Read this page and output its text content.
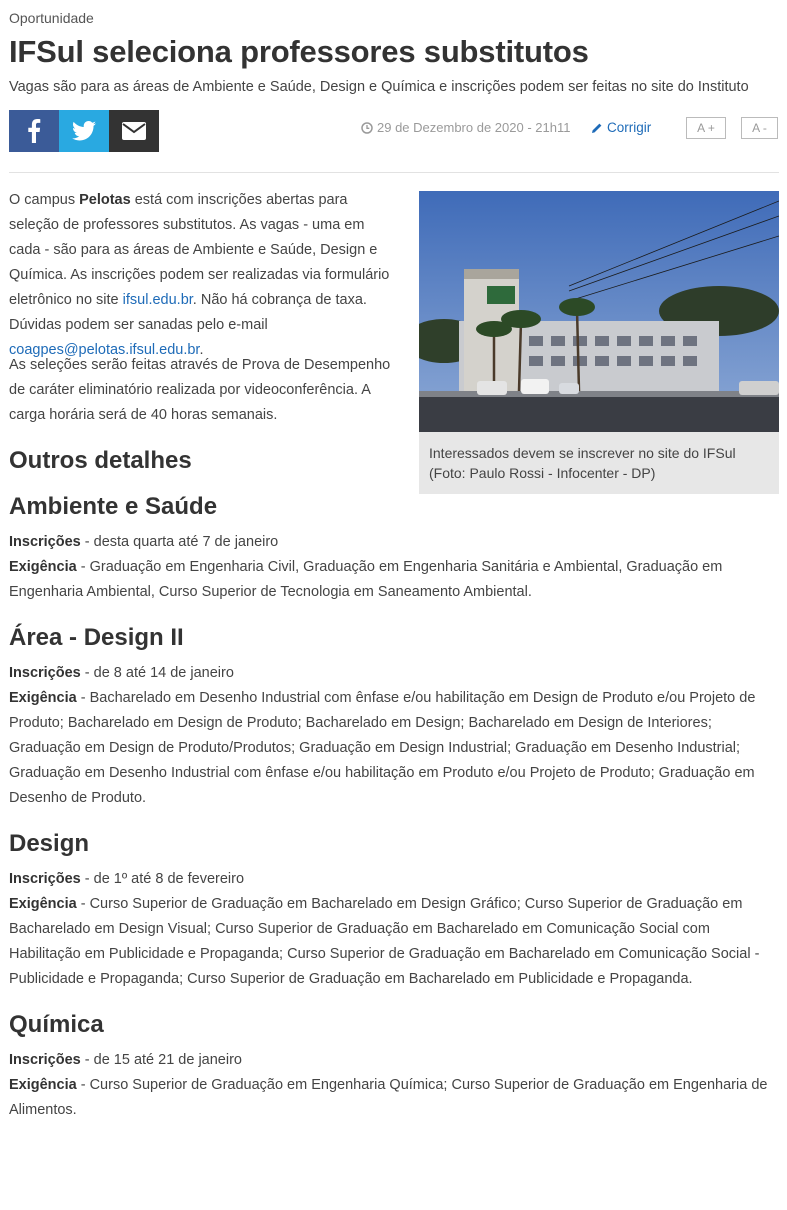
Oportunidade
IFSul seleciona professores substitutos
Vagas são para as áreas de Ambiente e Saúde, Design e Química e inscrições podem ser feitas no site do Instituto
29 de Dezembro de 2020 - 21h11	Corrigir	A +	A -

O campus Pelotas está com inscrições abertas para seleção de professores substitutos. As vagas - uma em cada - são para as áreas de Ambiente e Saúde, Design e Química. As inscrições podem ser realizadas via formulário eletrônico no site ifsul.edu.br. Não há cobrança de taxa. Dúvidas podem ser sanadas pelo e-mail coagpes@pelotas.ifsul.edu.br.

As seleções serão feitas através de Prova de Desempenho de caráter eliminatório realizada por videoconferência. A carga horária será de 40 horas semanais.

Interessados devem se inscrever no site do IFSul (Foto: Paulo Rossi - Infocenter - DP)
Outros detalhes
Ambiente e Saúde

Inscrições - desta quarta até 7 de janeiro

Exigência - Graduação em Engenharia Civil, Graduação em Engenharia Sanitária e Ambiental, Graduação em Engenharia Ambiental, Curso Superior de Tecnologia em Saneamento Ambiental.

Área - Design II

Inscrições - de 8 até 14 de janeiro

Exigência - Bacharelado em Desenho Industrial com ênfase e/ou habilitação em Design de Produto e/ou Projeto de Produto; Bacharelado em Design de Produto; Bacharelado em Design; Bacharelado em Design de Interiores; Graduação em Design de Produto/Produtos; Graduação em Design Industrial; Graduação em Desenho Industrial; Graduação em Desenho Industrial com ênfase e/ou habilitação em Produto e/ou Projeto de Produto; Graduação em Desenho de Produto.

Design

Inscrições - de 1º até 8 de fevereiro

Exigência - Curso Superior de Graduação em Bacharelado em Design Gráfico; Curso Superior de Graduação em Bacharelado em Design Visual; Curso Superior de Graduação em Bacharelado em Comunicação Social com Habilitação em Publicidade e Propaganda; Curso Superior de Graduação em Bacharelado em Comunicação Social - Publicidade e Propaganda; Curso Superior de Graduação em Bacharelado em Publicidade e Propaganda.

Química

Inscrições - de 15 até 21 de janeiro

Exigência - Curso Superior de Graduação em Engenharia Química; Curso Superior de Graduação em Engenharia de Alimentos.
